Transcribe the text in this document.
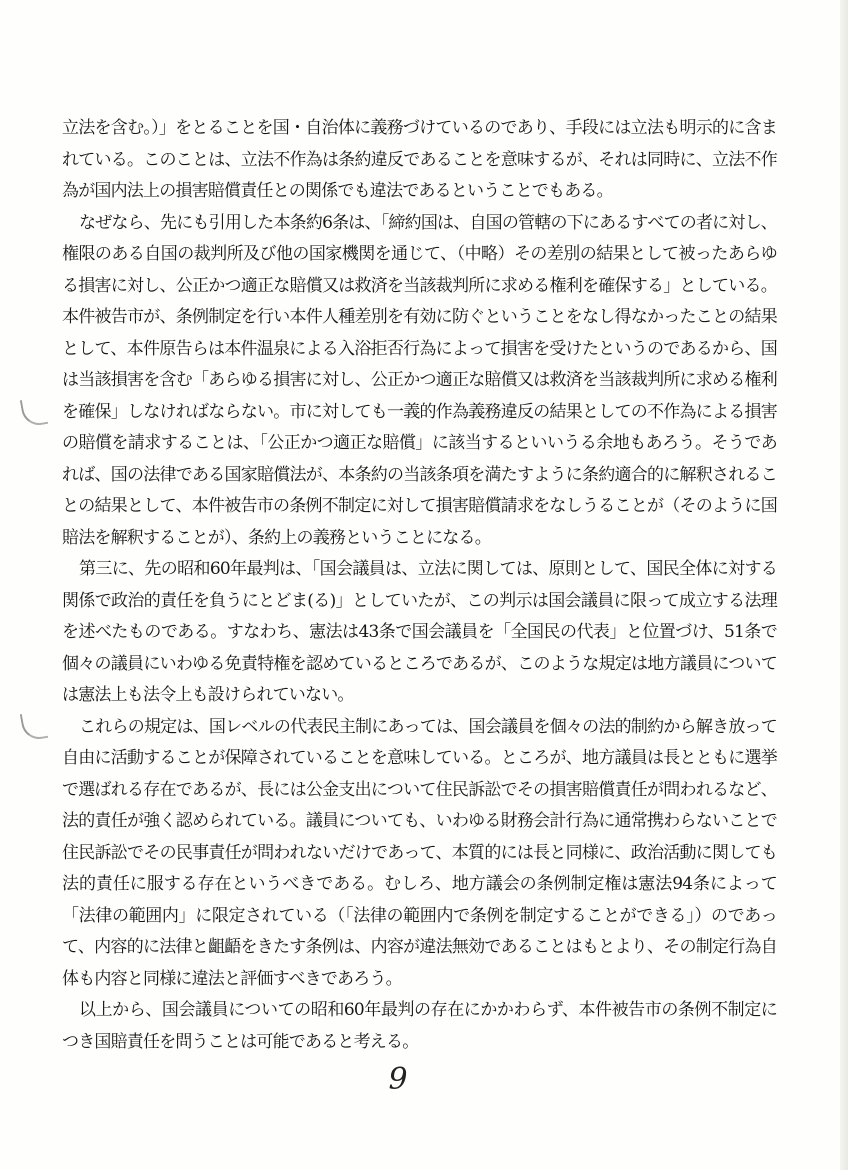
立法を含む。）」をとることを国・自治体に義務づけているのであり、手段には立法も明示的に含まれている。このことは、立法不作為は条約違反であることを意味するが、それは同時に、立法不作為が国内法上の損害賠償責任との関係でも違法であるということでもある。

なぜなら、先にも引用した本条約6条は、「締約国は、自国の管轄の下にあるすべての者に対し、権限のある自国の裁判所及び他の国家機関を通じて、（中略）その差別の結果として被ったあらゆる損害に対し、公正かつ適正な賠償又は救済を当該裁判所に求める権利を確保する」としている。本件被告市が、条例制定を行い本件人種差別を有効に防ぐということをなし得なかったことの結果として、本件原告らは本件温泉による入浴拒否行為によって損害を受けたというのであるから、国は当該損害を含む「あらゆる損害に対し、公正かつ適正な賠償又は救済を当該裁判所に求める権利を確保」しなければならない。市に対しても一義的作為義務違反の結果としての不作為による損害の賠償を請求することは、「公正かつ適正な賠償」に該当するといいうる余地もあろう。そうであれば、国の法律である国家賠償法が、本条約の当該条項を満たすように条約適合的に解釈されることの結果として、本件被告市の条例不制定に対して損害賠償請求をなしうることが（そのように国賠法を解釈することが）、条約上の義務ということになる。

第三に、先の昭和60年最判は、「国会議員は、立法に関しては、原則として、国民全体に対する関係で政治的責任を負うにとどま(る)」としていたが、この判示は国会議員に限って成立する法理を述べたものである。すなわち、憲法は43条で国会議員を「全国民の代表」と位置づけ、51条で個々の議員にいわゆる免責特権を認めているところであるが、このような規定は地方議員については憲法上も法令上も設けられていない。

これらの規定は、国レベルの代表民主制にあっては、国会議員を個々の法的制約から解き放って自由に活動することが保障されていることを意味している。ところが、地方議員は長とともに選挙で選ばれる存在であるが、長には公金支出について住民訴訟でその損害賠償責任が問われるなど、法的責任が強く認められている。議員についても、いわゆる財務会計行為に通常携わらないことで住民訴訟でその民事責任が問われないだけであって、本質的には長と同様に、政治活動に関しても法的責任に服する存在というべきである。むしろ、地方議会の条例制定権は憲法94条によって「法律の範囲内」に限定されている（「法律の範囲内で条例を制定することができる」）のであって、内容的に法律と齟齬をきたす条例は、内容が違法無効であることはもとより、その制定行為自体も内容と同様に違法と評価すべきであろう。

以上から、国会議員についての昭和60年最判の存在にかかわらず、本件被告市の条例不制定につき国賠責任を問うことは可能であると考える。

9
